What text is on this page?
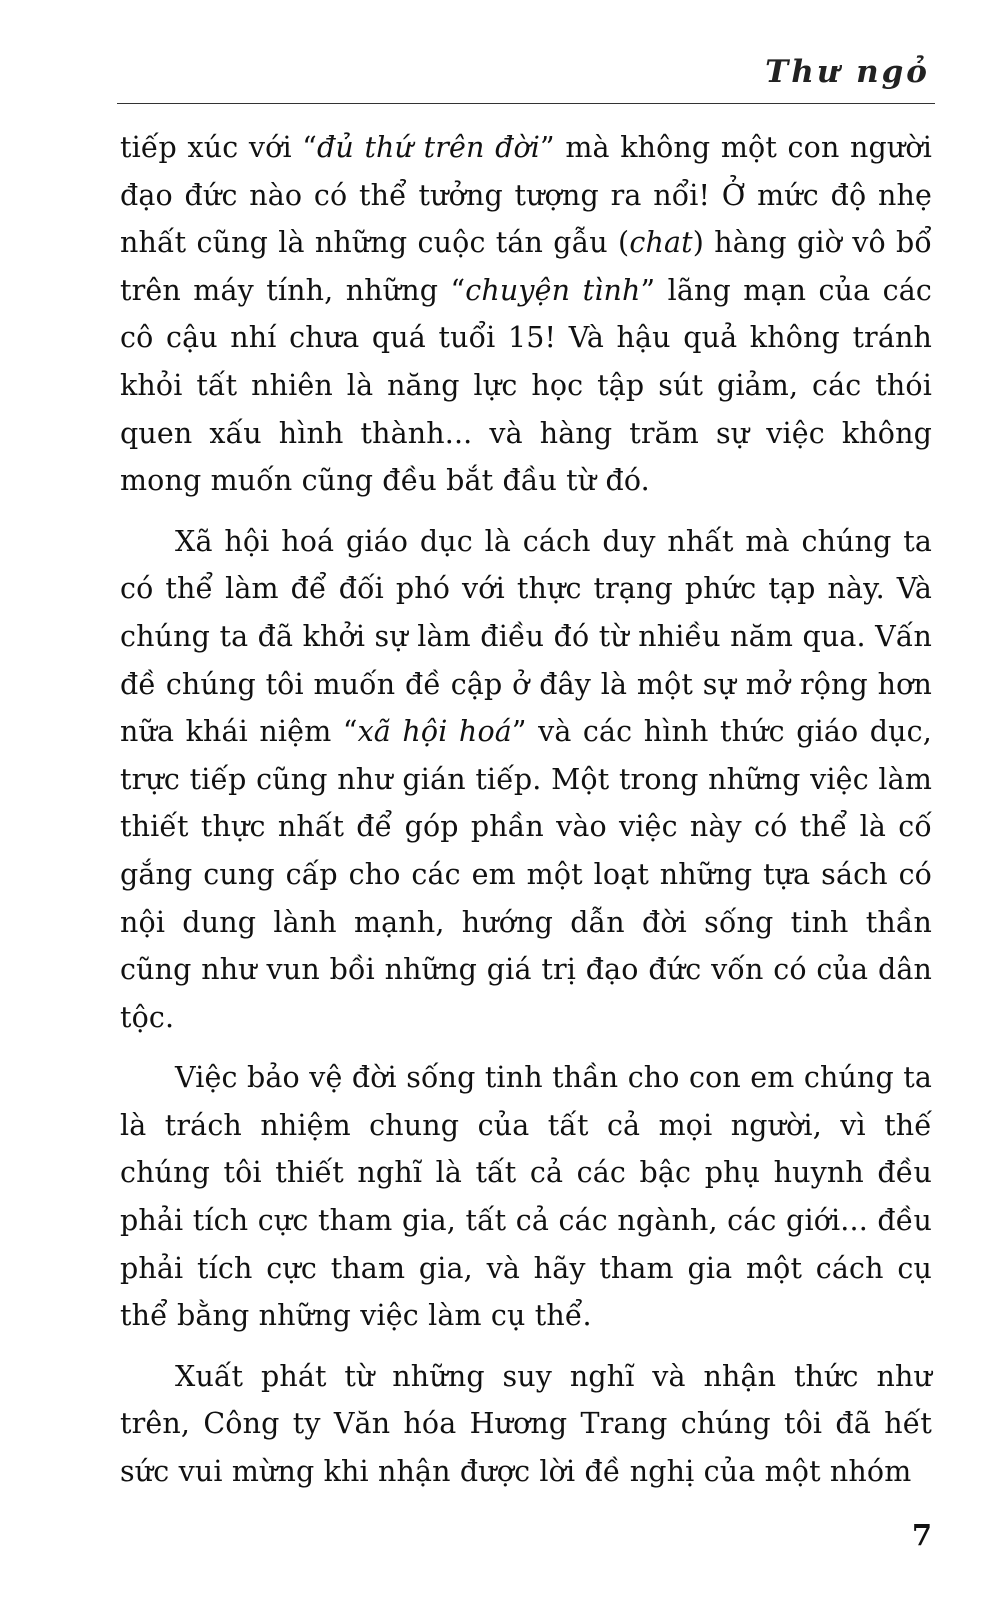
Thư ngỏ

tiếp xúc với “đủ thứ trên đời” mà không một con người đạo đức nào có thể tưởng tượng ra nổi! Ở mức độ nhẹ nhất cũng là những cuộc tán gẫu (chat) hàng giờ vô bổ trên máy tính, những “chuyện tình” lãng mạn của các cô cậu nhí chưa quá tuổi 15! Và hậu quả không tránh khỏi tất nhiên là năng lực học tập sút giảm, các thói quen xấu hình thành... và hàng trăm sự việc không mong muốn cũng đều bắt đầu từ đó.

Xã hội hoá giáo dục là cách duy nhất mà chúng ta có thể làm để đối phó với thực trạng phức tạp này. Và chúng ta đã khởi sự làm điều đó từ nhiều năm qua. Vấn đề chúng tôi muốn đề cập ở đây là một sự mở rộng hơn nữa khái niệm “xã hội hoá” và các hình thức giáo dục, trực tiếp cũng như gián tiếp. Một trong những việc làm thiết thực nhất để góp phần vào việc này có thể là cố gắng cung cấp cho các em một loạt những tựa sách có nội dung lành mạnh, hướng dẫn đời sống tinh thần cũng như vun bồi những giá trị đạo đức vốn có của dân tộc.

Việc bảo vệ đời sống tinh thần cho con em chúng ta là trách nhiệm chung của tất cả mọi người, vì thế chúng tôi thiết nghĩ là tất cả các bậc phụ huynh đều phải tích cực tham gia, tất cả các ngành, các giới... đều phải tích cực tham gia, và hãy tham gia một cách cụ thể bằng những việc làm cụ thể.

Xuất phát từ những suy nghĩ và nhận thức như trên, Công ty Văn hóa Hương Trang chúng tôi đã hết sức vui mừng khi nhận được lời đề nghị của một nhóm

7
